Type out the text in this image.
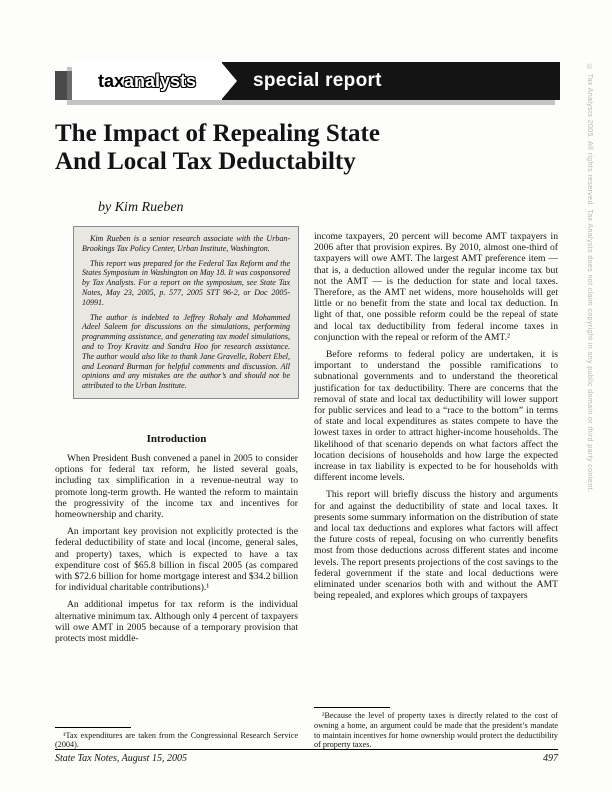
tax analysts	special report
The Impact of Repealing State
And Local Tax Deductabilty
by Kim Rueben

Kim Rueben is a senior research associate with the Urban-Brookings Tax Policy Center, Urban Institute, Washington.

This report was prepared for the Federal Tax Reform and the States Symposium in Washington on May 18. It was cosponsored by Tax Analysts. For a report on the symposium, see State Tax Notes, May 23, 2005, p. 577, 2005 STT 96-2, or Doc 2005-10991.

The author is indebted to Jeffrey Rohaly and Mohammed Adeel Saleem for discussions on the simulations, performing programming assistance, and generating tax model simulations, and to Troy Kravitz and Sandra Hoo for research assistance. The author would also like to thank Jane Gravelle, Robert Ebel, and Leonard Burman for helpful comments and discussion. All opinions and any mistakes are the author’s and should not be attributed to the Urban Institute.

Introduction

When President Bush convened a panel in 2005 to consider options for federal tax reform, he listed several goals, including tax simplification in a revenue-neutral way to promote long-term growth. He wanted the reform to maintain the progressivity of the income tax and incentives for homeownership and charity.

An important key provision not explicitly protected is the federal deductibility of state and local (income, general sales, and property) taxes, which is expected to have a tax expenditure cost of $65.8 billion in fiscal 2005 (as compared with $72.6 billion for home mortgage interest and $34.2 billion for individual charitable contributions).¹

An additional impetus for tax reform is the individual alternative minimum tax. Although only 4 percent of taxpayers will owe AMT in 2005 because of a temporary provision that protects most middle-

¹Tax expenditures are taken from the Congressional Research Service (2004).

income taxpayers, 20 percent will become AMT taxpayers in 2006 after that provision expires. By 2010, almost one-third of taxpayers will owe AMT. The largest AMT preference item — that is, a deduction allowed under the regular income tax but not the AMT — is the deduction for state and local taxes. Therefore, as the AMT net widens, more households will get little or no benefit from the state and local tax deduction. In light of that, one possible reform could be the repeal of state and local tax deductibility from federal income taxes in conjunction with the repeal or reform of the AMT.²

Before reforms to federal policy are undertaken, it is important to understand the possible ramifications to subnational governments and to understand the theoretical justification for tax deductibility. There are concerns that the removal of state and local tax deductibility will lower support for public services and lead to a “race to the bottom” in terms of state and local expenditures as states compete to have the lowest taxes in order to attract higher-income households. The likelihood of that scenario depends on what factors affect the location decisions of households and how large the expected increase in tax liability is expected to be for households with different income levels.

This report will briefly discuss the history and arguments for and against the deductibility of state and local taxes. It presents some summary information on the distribution of state and local tax deductions and explores what factors will affect the future costs of repeal, focusing on who currently benefits most from those deductions across different states and income levels. The report presents projections of the cost savings to the federal government if the state and local deductions were eliminated under scenarios both with and without the AMT being repealed, and explores which groups of taxpayers

²Because the level of property taxes is directly related to the cost of owning a home, an argument could be made that the president’s mandate to maintain incentives for home ownership would protect the deductibility of property taxes.

State Tax Notes, August 15, 2005	497
© Tax Analysts 2005. All rights reserved. Tax Analysts does not claim copyright in any public domain or third party content.
